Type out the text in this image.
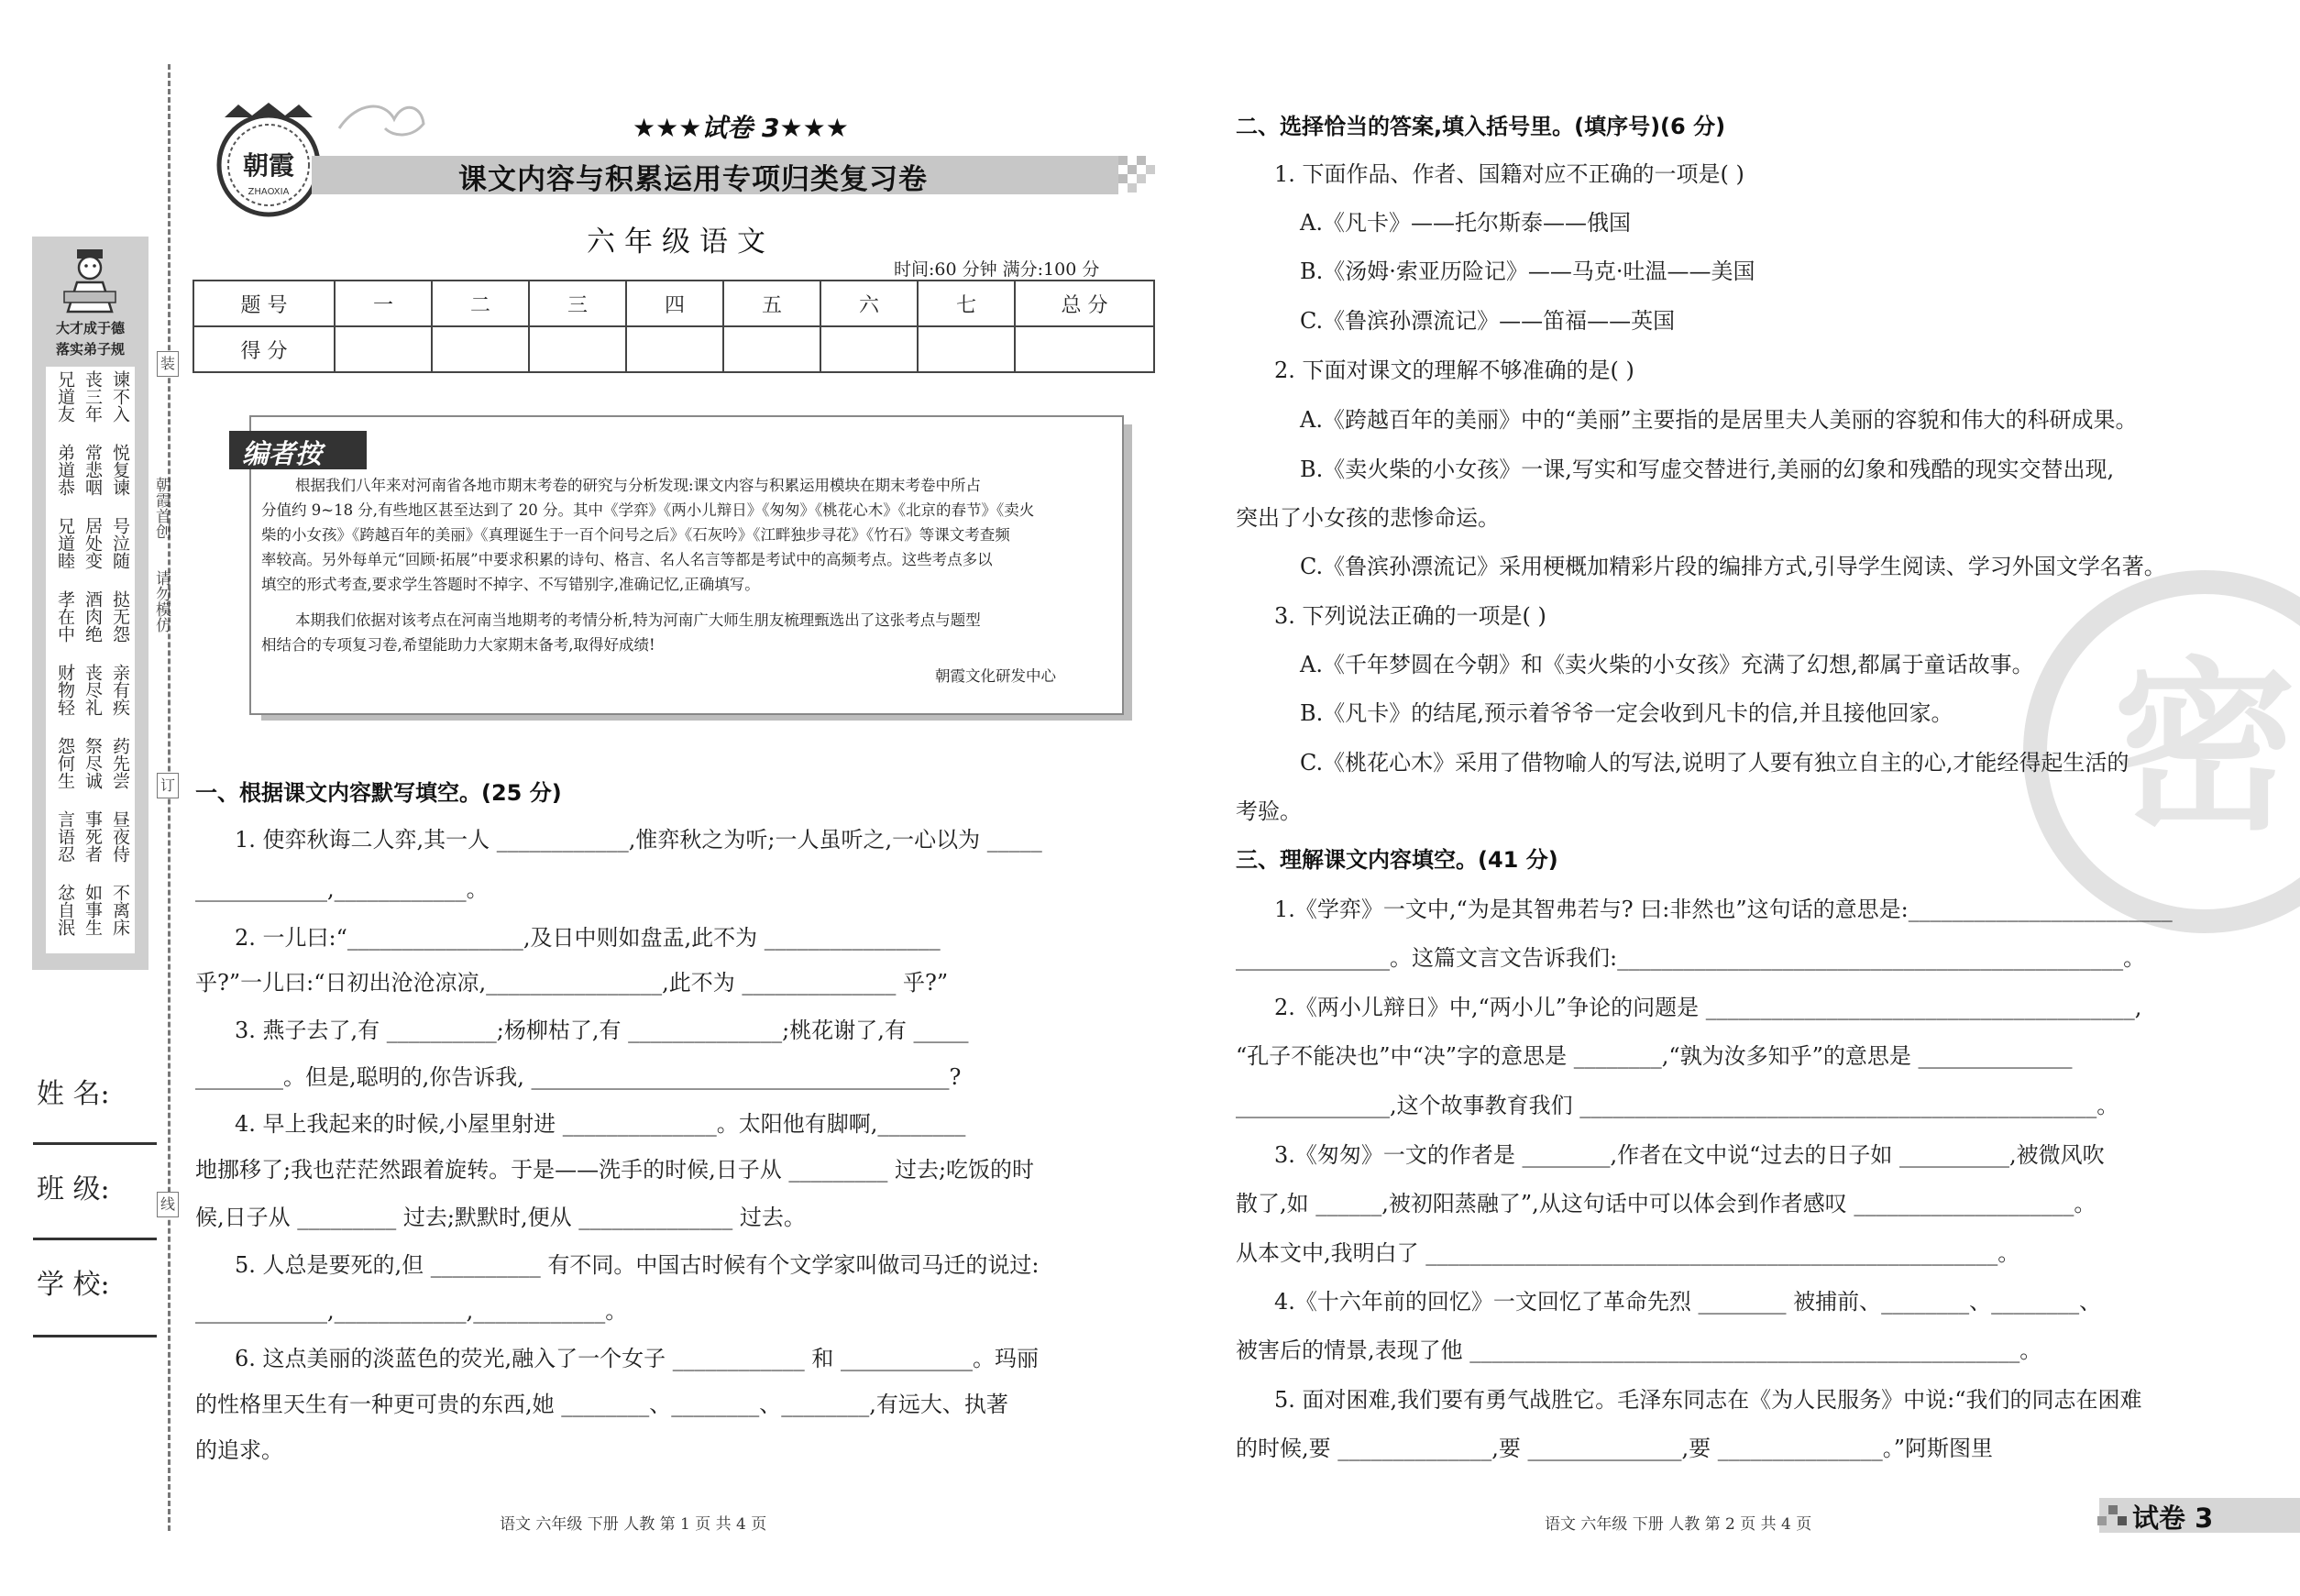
大才成于德
落实弟子规
谏不入
丧三年
兄道友
悦复谏
常悲咽
弟道恭
号泣随
居处变
兄道睦
挞无怨
酒肉绝
孝在中
亲有疾
丧尽礼
财物轻
药先尝
祭尽诚
怨何生
昼夜侍
事死者
言语忍
不离床
如事生
忿自泯
装
订
线
朝霞首创
请勿模仿
姓 名:
班 级:
学 校:
朝霞
ZHAOXIA
★★★试卷 3★★★
课文内容与积累运用专项归类复习卷
六年级语文
时间:60 分钟 满分:100 分
题 号	一	二	三	四	五	六	七	总 分
得 分								
编者按
根据我们八年来对河南省各地市期末考卷的研究与分析发现:课文内容与积累运用模块在期末考卷中所占
分值约 9~18 分,有些地区甚至达到了 20 分。其中《学弈》《两小儿辩日》《匆匆》《桃花心木》《北京的春节》《卖火
柴的小女孩》《跨越百年的美丽》《真理诞生于一百个问号之后》《石灰吟》《江畔独步寻花》《竹石》等课文考查频
率较高。另外每单元“回顾·拓展”中要求积累的诗句、格言、名人名言等都是考试中的高频考点。这些考点多以
填空的形式考查,要求学生答题时不掉字、不写错别字,准确记忆,正确填写。
本期我们依据对该考点在河南当地期考的考情分析,特为河南广大师生朋友梳理甄选出了这张考点与题型
相结合的专项复习卷,希望能助力大家期末备考,取得好成绩!
朝霞文化研发中心
一、根据课文内容默写填空。(25 分)
1. 使弈秋诲二人弈,其一人 ____________,惟弈秋之为听;一人虽听之,一心以为 _____
____________,____________。
2. 一儿曰:“________________,及日中则如盘盂,此不为 ________________
乎?”一儿曰:“日初出沧沧凉凉,________________,此不为 ______________ 乎?”
3. 燕子去了,有 __________;杨柳枯了,有 ______________;桃花谢了,有 _____
________。但是,聪明的,你告诉我, ______________________________________?
4. 早上我起来的时候,小屋里射进 ______________。太阳他有脚啊,________
地挪移了;我也茫茫然跟着旋转。于是——洗手的时候,日子从 _________ 过去;吃饭的时
候,日子从 _________ 过去;默默时,便从 ______________ 过去。
5. 人总是要死的,但 __________ 有不同。中国古时候有个文学家叫做司马迁的说过:
____________,____________,____________。
6. 这点美丽的淡蓝色的荧光,融入了一个女子 ____________ 和 ____________。玛丽
的性格里天生有一种更可贵的东西,她 ________、________、________,有远大、执著
的追求。
密
二、选择恰当的答案,填入括号里。(填序号)(6 分)
1. 下面作品、作者、国籍对应不正确的一项是( )
A.《凡卡》——托尔斯泰——俄国
B.《汤姆·索亚历险记》——马克·吐温——美国
C.《鲁滨孙漂流记》——笛福——英国
2. 下面对课文的理解不够准确的是( )
A.《跨越百年的美丽》中的“美丽”主要指的是居里夫人美丽的容貌和伟大的科研成果。
B.《卖火柴的小女孩》一课,写实和写虚交替进行,美丽的幻象和残酷的现实交替出现,
突出了小女孩的悲惨命运。
C.《鲁滨孙漂流记》采用梗概加精彩片段的编排方式,引导学生阅读、学习外国文学名著。
3. 下列说法正确的一项是( )
A.《千年梦圆在今朝》和《卖火柴的小女孩》充满了幻想,都属于童话故事。
B.《凡卡》的结尾,预示着爷爷一定会收到凡卡的信,并且接他回家。
C.《桃花心木》采用了借物喻人的写法,说明了人要有独立自主的心,才能经得起生活的
考验。
三、理解课文内容填空。(41 分)
1.《学弈》一文中,“为是其智弗若与? 曰:非然也”这句话的意思是:________________________
______________。这篇文言文告诉我们:______________________________________________。
2.《两小儿辩日》中,“两小儿”争论的问题是 _______________________________________,
“孔子不能决也”中“决”字的意思是 ________,“孰为汝多知乎”的意思是 ______________
______________,这个故事教育我们 _______________________________________________。
3.《匆匆》一文的作者是 ________,作者在文中说“过去的日子如 __________,被微风吹
散了,如 ______,被初阳蒸融了”,从这句话中可以体会到作者感叹 ____________________。
从本文中,我明白了 ____________________________________________________。
4.《十六年前的回忆》一文回忆了革命先烈 ________ 被捕前、________、________、
被害后的情景,表现了他 __________________________________________________。
5. 面对困难,我们要有勇气战胜它。毛泽东同志在《为人民服务》中说:“我们的同志在困难
的时候,要 ______________,要 ______________,要 _______________。”阿斯图里
语文 六年级 下册 人教 第 1 页 共 4 页	语文 六年级 下册 人教 第 2 页 共 4 页	试卷 3
